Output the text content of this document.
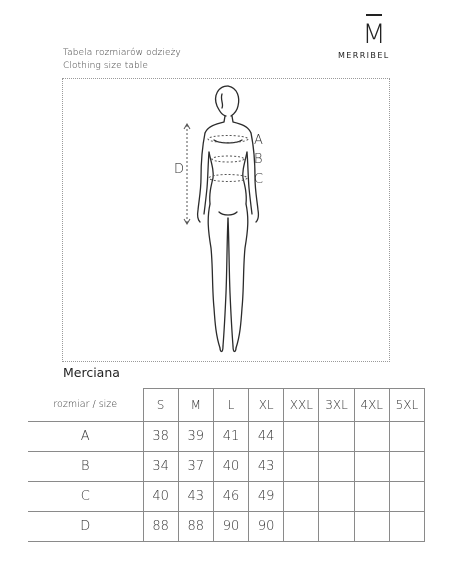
Tabela rozmiarów odzieży
Clothing size table
M
MERRIBEL
A
B
C
D
Merciana
rozmiar / size	S	M	L	XL	XXL	3XL	4XL	5XL
A	38	39	41	44				
B	34	37	40	43				
C	40	43	46	49				
D	88	88	90	90				
